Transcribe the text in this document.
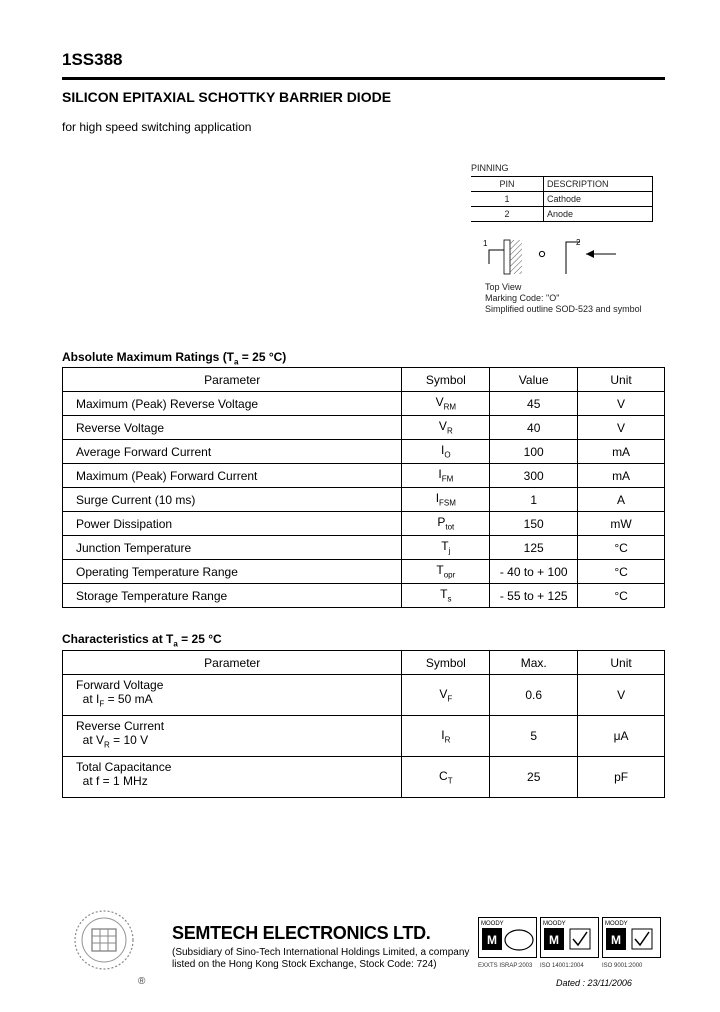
1SS388
SILICON EPITAXIAL SCHOTTKY BARRIER DIODE
for high speed switching application
PINNING
PIN	DESCRIPTION
1	Cathode
2	Anode
1	2
Top View
Marking Code: "O"
Simplified outline SOD-523 and symbol
Absolute Maximum Ratings ($T_a = 25$ °C)
Parameter	Symbol	Value	Unit
Maximum (Peak) Reverse Voltage	$V_{RM}$	45	V
Reverse Voltage	$V_R$	40	V
Average Forward Current	$I_O$	100	mA
Maximum (Peak) Forward Current	$I_{FM}$	300	mA
Surge Current (10 ms)	$I_{FSM}$	1	A
Power Dissipation	$P_{tot}$	150	mW
Junction Temperature	$T_j$	125	°C
Operating Temperature Range	$T_{opr}$	- 40 to + 100	°C
Storage Temperature Range	$T_s$	- 55 to + 125	°C
Characteristics at $T_a = 25$ °C
Parameter	Symbol	Max.	Unit

Forward Voltage
at $I_F = 50$ mA	$V_F$	0.6	V

Reverse Current
at $V_R = 10$ V	$I_R$	5	μA

Total Capacitance
at f = 1 MHz	$C_T$	25	pF
SEMTECH ELECTRONICS LTD.
(Subsidiary of Sino-Tech International Holdings Limited, a company
listed on the Hong Kong Stock Exchange, Stock Code: 724)
®
MOODY
M
MOODY
M
MOODY
M
EXXTS ISRAP:2003 ISO 14001:2004	ISO 9001:2000
Dated : 23/11/2006
